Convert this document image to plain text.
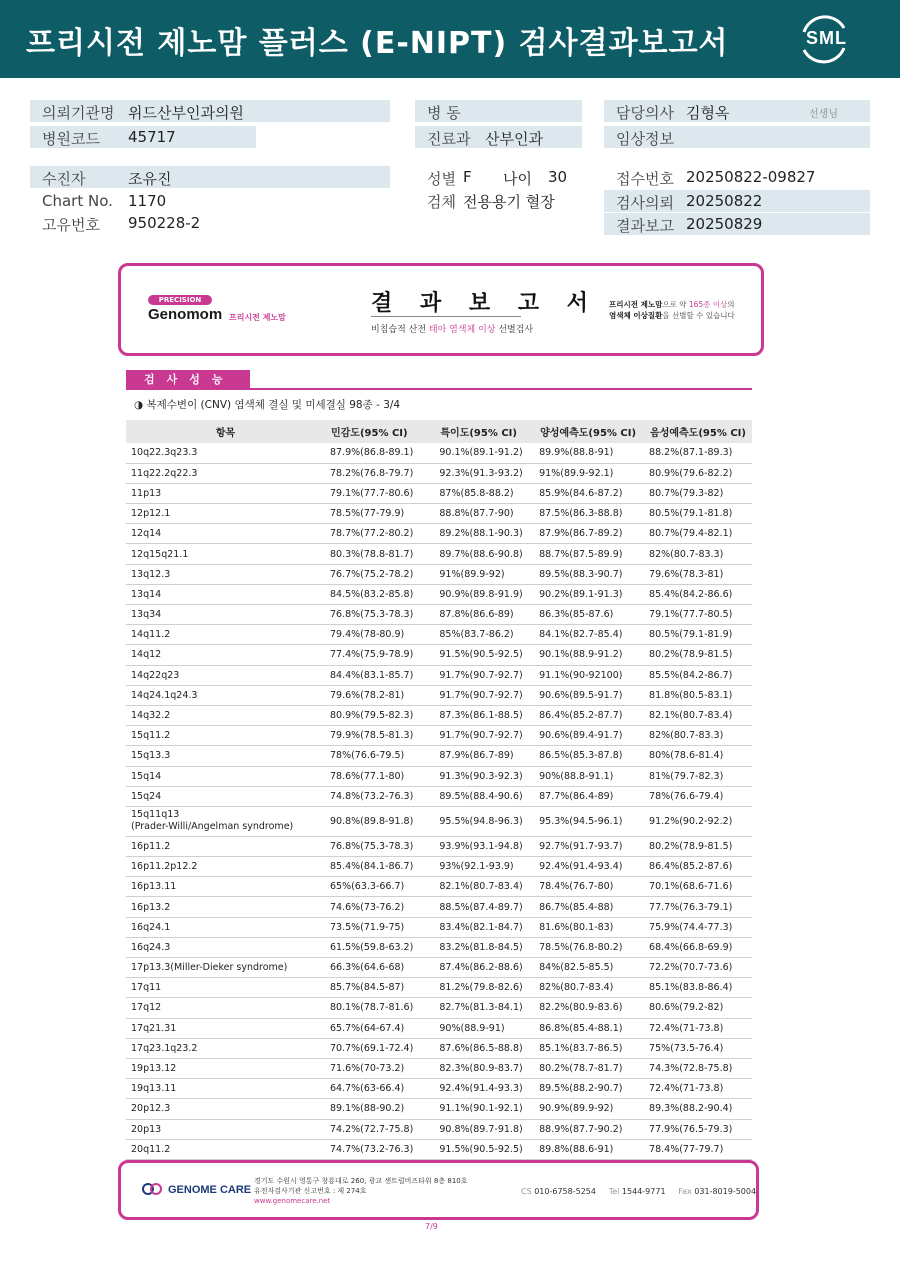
프리시전 제노맘 플러스 (E-NIPT) 검사결과보고서	SML
의뢰기관명 위드산부인과의원
병원코드 45717
병 동
진료과 산부인과
담당의사 김형옥	선생님
임상정보
수진자	조유진
Chart No. 1170
고유번호 950228-2
성별 F 나이 30
검체 전용용기 혈장
접수번호 20250822-09827
검사의뢰 20250822
결과보고 20250829
PRECISION
Genomom 프리시전 제노맘
결 과 보 고 서
비침습적 산전 태아 염색체 이상 선별검사
프리시전 제노맘으로 약 165종 이상의
염색체 이상질환을 선별할 수 있습니다
검사성능
◑ 복제수변이 (CNV) 염색체 결실 및 미세결실 98종 - 3/4
항목	민감도(95% CI)	특이도(95% CI)	양성예측도(95% CI)	음성예측도(95% CI)
10q22.3q23.3	87.9%(86.8-89.1)	90.1%(89.1-91.2)	89.9%(88.8-91)	88.2%(87.1-89.3)
11q22.2q22.3	78.2%(76.8-79.7)	92.3%(91.3-93.2)	91%(89.9-92.1)	80.9%(79.6-82.2)
11p13	79.1%(77.7-80.6)	87%(85.8-88.2)	85.9%(84.6-87.2)	80.7%(79.3-82)
12p12.1	78.5%(77-79.9)	88.8%(87.7-90)	87.5%(86.3-88.8)	80.5%(79.1-81.8)
12q14	78.7%(77.2-80.2)	89.2%(88.1-90.3)	87.9%(86.7-89.2)	80.7%(79.4-82.1)
12q15q21.1	80.3%(78.8-81.7)	89.7%(88.6-90.8)	88.7%(87.5-89.9)	82%(80.7-83.3)
13q12.3	76.7%(75.2-78.2)	91%(89.9-92)	89.5%(88.3-90.7)	79.6%(78.3-81)
13q14	84.5%(83.2-85.8)	90.9%(89.8-91.9)	90.2%(89.1-91.3)	85.4%(84.2-86.6)
13q34	76.8%(75.3-78.3)	87.8%(86.6-89)	86.3%(85-87.6)	79.1%(77.7-80.5)
14q11.2	79.4%(78-80.9)	85%(83.7-86.2)	84.1%(82.7-85.4)	80.5%(79.1-81.9)
14q12	77.4%(75.9-78.9)	91.5%(90.5-92.5)	90.1%(88.9-91.2)	80.2%(78.9-81.5)
14q22q23	84.4%(83.1-85.7)	91.7%(90.7-92.7)	91.1%(90-92100)	85.5%(84.2-86.7)
14q24.1q24.3	79.6%(78.2-81)	91.7%(90.7-92.7)	90.6%(89.5-91.7)	81.8%(80.5-83.1)
14q32.2	80.9%(79.5-82.3)	87.3%(86.1-88.5)	86.4%(85.2-87.7)	82.1%(80.7-83.4)
15q11.2	79.9%(78.5-81.3)	91.7%(90.7-92.7)	90.6%(89.4-91.7)	82%(80.7-83.3)
15q13.3	78%(76.6-79.5)	87.9%(86.7-89)	86.5%(85.3-87.8)	80%(78.6-81.4)
15q14	78.6%(77.1-80)	91.3%(90.3-92.3)	90%(88.8-91.1)	81%(79.7-82.3)
15q24	74.8%(73.2-76.3)	89.5%(88.4-90.6)	87.7%(86.4-89)	78%(76.6-79.4)

15q11q13
(Prader-Willi/Angelman syndrome)	90.8%(89.8-91.8)	95.5%(94.8-96.3)	95.3%(94.5-96.1)	91.2%(90.2-92.2)
16p11.2	76.8%(75.3-78.3)	93.9%(93.1-94.8)	92.7%(91.7-93.7)	80.2%(78.9-81.5)
16p11.2p12.2	85.4%(84.1-86.7)	93%(92.1-93.9)	92.4%(91.4-93.4)	86.4%(85.2-87.6)
16p13.11	65%(63.3-66.7)	82.1%(80.7-83.4)	78.4%(76.7-80)	70.1%(68.6-71.6)
16p13.2	74.6%(73-76.2)	88.5%(87.4-89.7)	86.7%(85.4-88)	77.7%(76.3-79.1)
16q24.1	73.5%(71.9-75)	83.4%(82.1-84.7)	81.6%(80.1-83)	75.9%(74.4-77.3)
16q24.3	61.5%(59.8-63.2)	83.2%(81.8-84.5)	78.5%(76.8-80.2)	68.4%(66.8-69.9)
17p13.3(Miller-Dieker syndrome)	66.3%(64.6-68)	87.4%(86.2-88.6)	84%(82.5-85.5)	72.2%(70.7-73.6)
17q11	85.7%(84.5-87)	81.2%(79.8-82.6)	82%(80.7-83.4)	85.1%(83.8-86.4)
17q12	80.1%(78.7-81.6)	82.7%(81.3-84.1)	82.2%(80.9-83.6)	80.6%(79.2-82)
17q21.31	65.7%(64-67.4)	90%(88.9-91)	86.8%(85.4-88.1)	72.4%(71-73.8)
17q23.1q23.2	70.7%(69.1-72.4)	87.6%(86.5-88.8)	85.1%(83.7-86.5)	75%(73.5-76.4)
19p13.12	71.6%(70-73.2)	82.3%(80.9-83.7)	80.2%(78.7-81.7)	74.3%(72.8-75.8)
19q13.11	64.7%(63-66.4)	92.4%(91.4-93.3)	89.5%(88.2-90.7)	72.4%(71-73.8)
20p12.3	89.1%(88-90.2)	91.1%(90.1-92.1)	90.9%(89.9-92)	89.3%(88.2-90.4)
20p13	74.2%(72.7-75.8)	90.8%(89.7-91.8)	88.9%(87.7-90.2)	77.9%(76.5-79.3)
20q11.2	74.7%(73.2-76.3)	91.5%(90.5-92.5)	89.8%(88.6-91)	78.4%(77-79.7)
GENOME CARE
경기도 수원시 영통구 창룡대로 260, 광교 센트럴비즈타워 8층 810호
유전자검사기관 신고번호 : 제 274호
www.genomecare.net
CS 010-6758-5254 Tel 1544-9771 Fax 031-8019-5004
7/9
